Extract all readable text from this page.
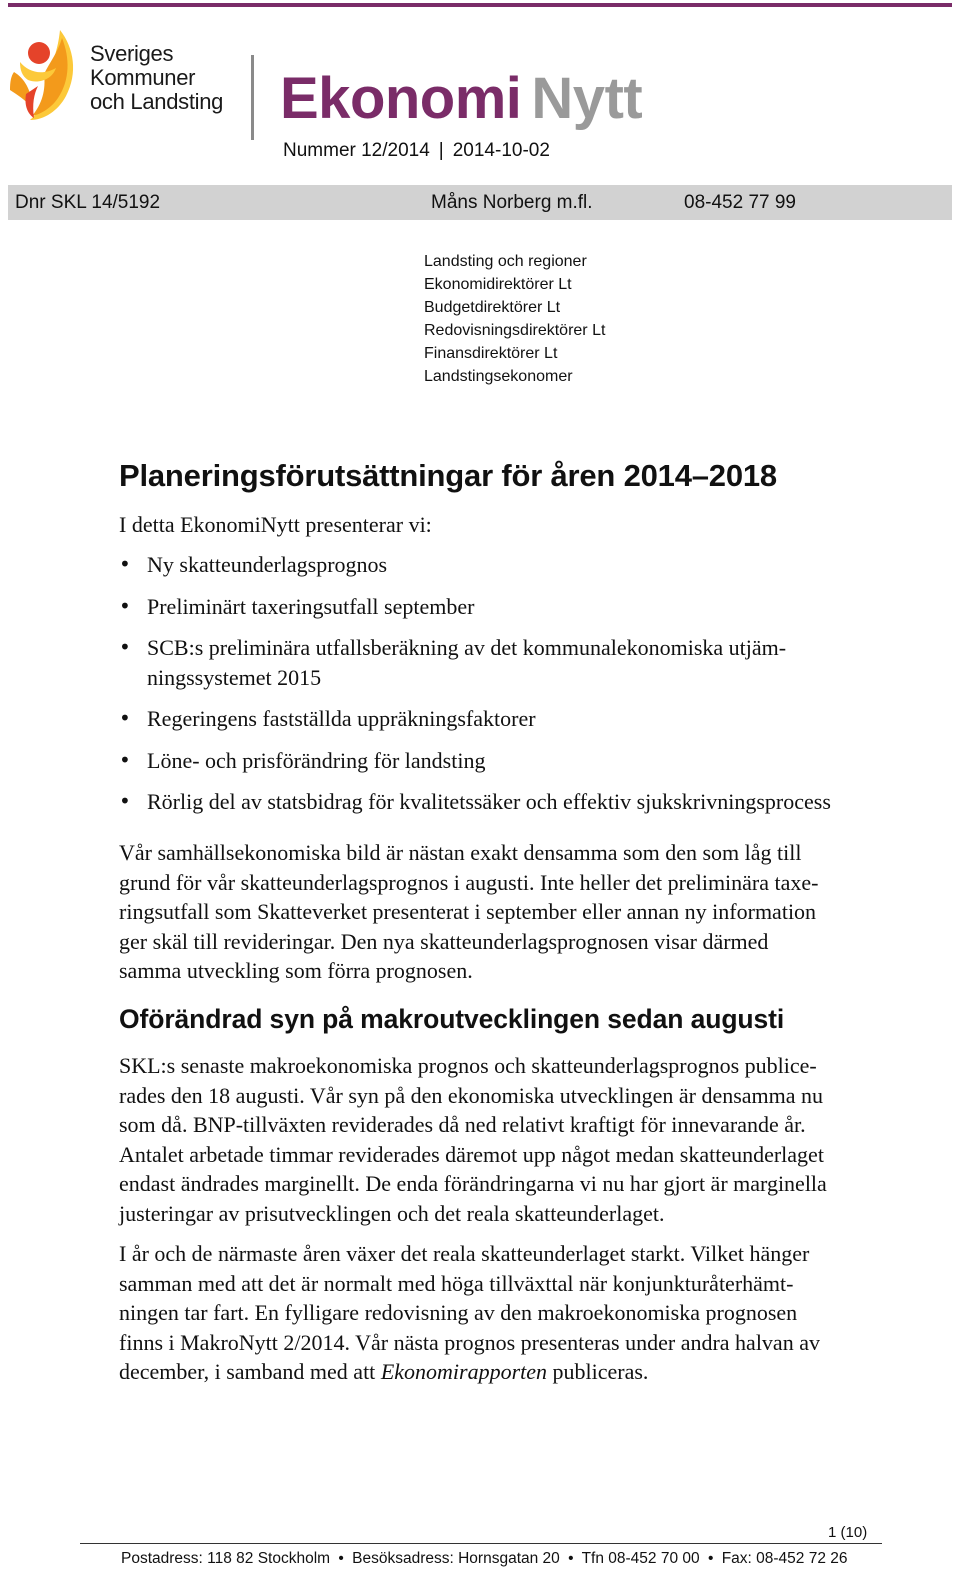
Sveriges
Kommuner
och Landsting Ekonomi Nytt
Nummer 12/2014 | 2014-10-02
Dnr SKL 14/5192	Måns Norberg m.fl.	08-452 77 99
Landsting och regioner
Ekonomidirektörer Lt
Budgetdirektörer Lt
Redovisningsdirektörer Lt
Finansdirektörer Lt
Landstingsekonomer
Planeringsförutsättningar för åren 2014–2018

I detta EkonomiNytt presenterar vi:

• Ny skatteunderlagsprognos
• Preliminärt taxeringsutfall september
• SCB:s preliminära utfallsberäkning av det kommunalekonomiska utjäm-ningssystemet 2015
• Regeringens fastställda uppräkningsfaktorer
• Löne- och prisförändring för landsting
• Rörlig del av statsbidrag för kvalitetssäker och effektiv sjukskrivningsprocess

Vår samhällsekonomiska bild är nästan exakt densamma som den som låg till
grund för vår skatteunderlagsprognos i augusti. Inte heller det preliminära taxe-
ringsutfall som Skatteverket presenterat i september eller annan ny information
ger skäl till revideringar. Den nya skatteunderlagsprognosen visar därmed
samma utveckling som förra prognosen.

Oförändrad syn på makroutvecklingen sedan augusti

SKL:s senaste makroekonomiska prognos och skatteunderlagsprognos publice-
rades den 18 augusti. Vår syn på den ekonomiska utvecklingen är densamma nu
som då. BNP-tillväxten reviderades då ned relativt kraftigt för innevarande år.
Antalet arbetade timmar reviderades däremot upp något medan skatteunderlaget
endast ändrades marginellt. De enda förändringarna vi nu har gjort är marginella
justeringar av prisutvecklingen och det reala skatteunderlaget.

I år och de närmaste åren växer det reala skatteunderlaget starkt. Vilket hänger
samman med att det är normalt med höga tillväxttal när konjunkturåterhämt-
ningen tar fart. En fylligare redovisning av den makroekonomiska prognosen
finns i MakroNytt 2/2014. Vår nästa prognos presenteras under andra halvan av
december, i samband med att Ekonomirapporten publiceras.

1 (10)
Postadress: 118 82 Stockholm • Besöksadress: Hornsgatan 20 • Tfn 08-452 70 00 • Fax: 08-452 72 26
